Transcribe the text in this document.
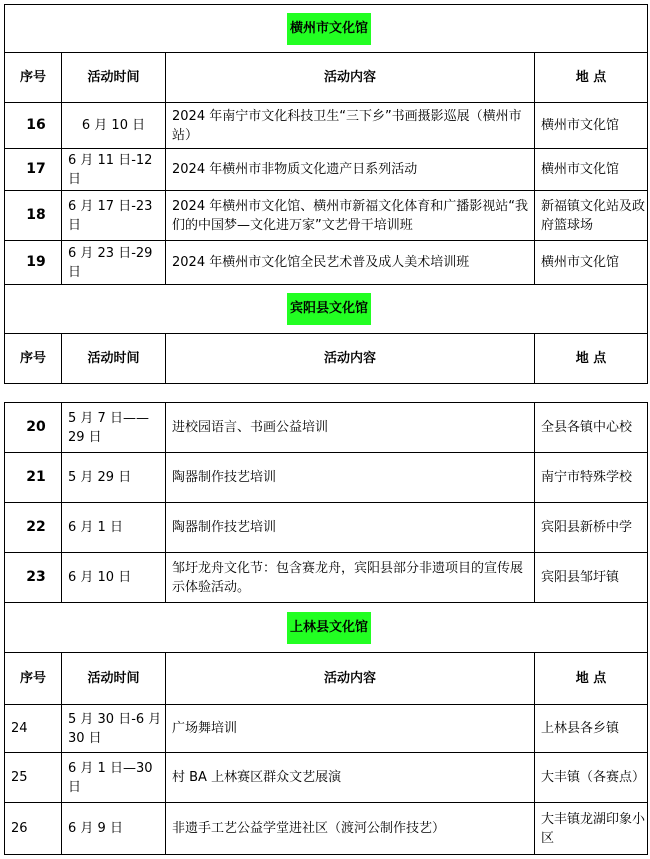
横州市文化馆			
序号	活动时间	活动内容	地 点
16	6 月 10 日	2024 年南宁市文化科技卫生“三下乡”书画摄影巡展（横州市站）	横州市文化馆
17	6 月 11 日-12 日	2024 年横州市非物质文化遗产日系列活动	横州市文化馆
18	6 月 17 日-23 日	2024 年横州市文化馆、横州市新福文化体育和广播影视站“我们的中国梦—文化进万家”文艺骨干培训班	新福镇文化站及政府篮球场
19	6 月 23 日-29 日	2024 年横州市文化馆全民艺术普及成人美术培训班	横州市文化馆
宾阳县文化馆			
序号	活动时间	活动内容	地 点
20	5 月 7 日——29 日	进校园语言、书画公益培训	全县各镇中心校
21	5 月 29 日	陶器制作技艺培训	南宁市特殊学校
22	6 月 1 日	陶器制作技艺培训	宾阳县新桥中学
23	6 月 10 日	邹圩龙舟文化节：包含赛龙舟，宾阳县部分非遗项目的宣传展示体验活动。	宾阳县邹圩镇
上林县文化馆			
序号	活动时间	活动内容	地 点
24	5 月 30 日-6 月 30 日	广场舞培训	上林县各乡镇
25	6 月 1 日—30 日	村 BA 上林赛区群众文艺展演	大丰镇（各赛点）
26	6 月 9 日	非遗手工艺公益学堂进社区（渡河公制作技艺）	大丰镇龙湖印象小区
